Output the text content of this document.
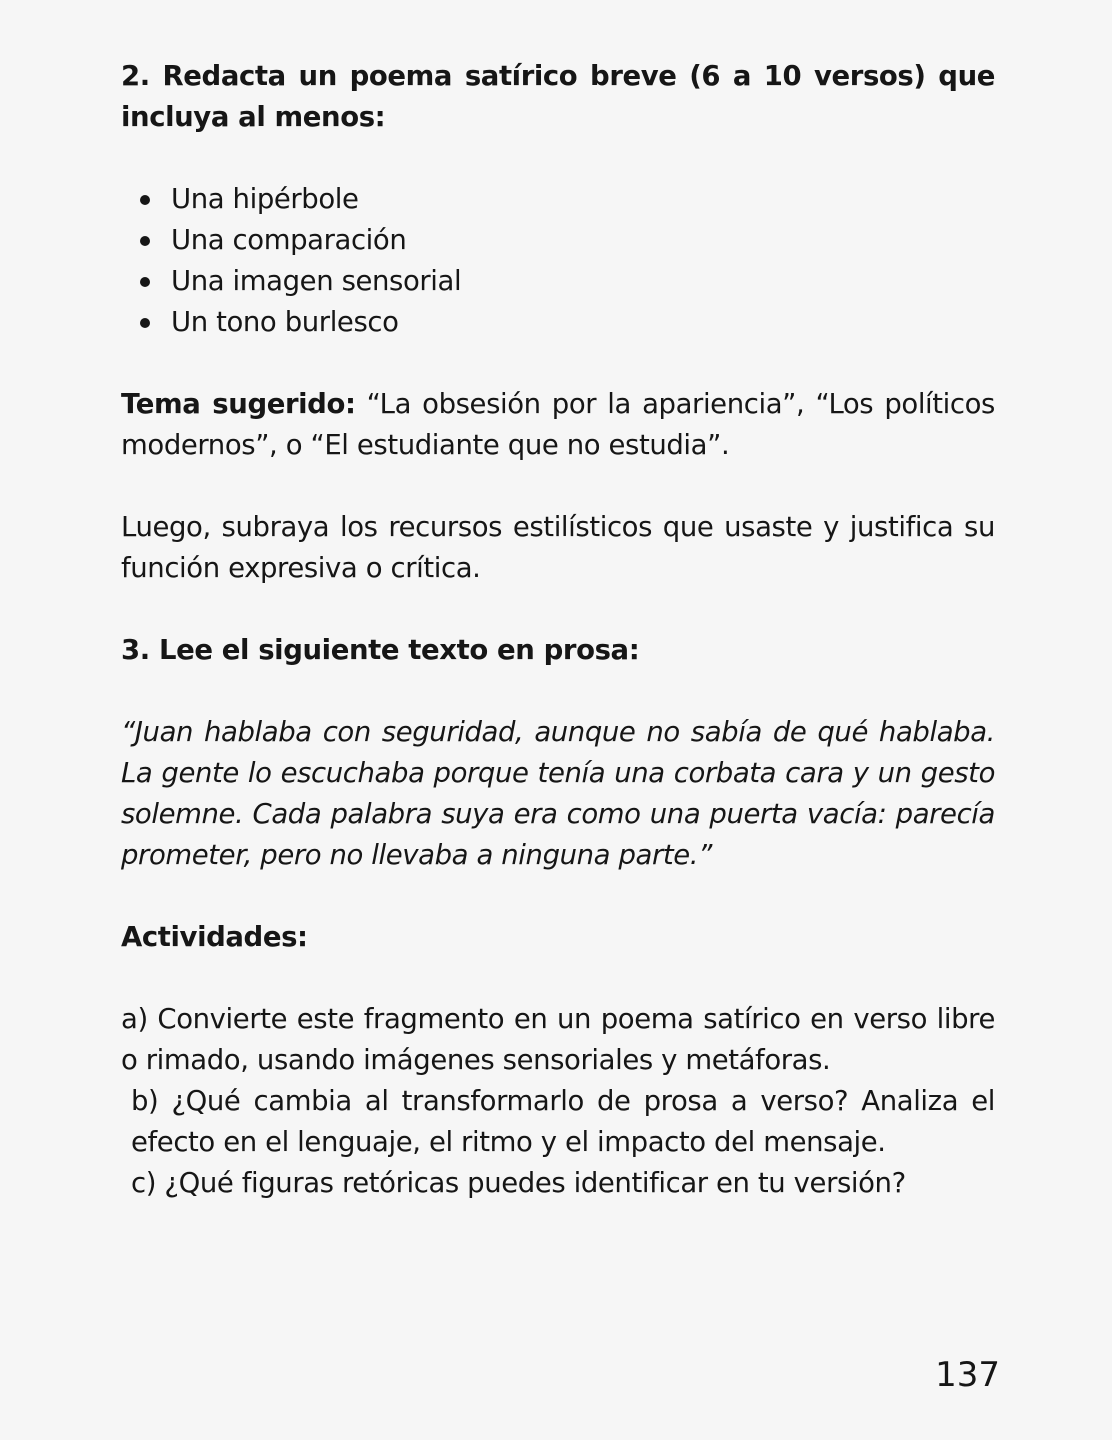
2. Redacta un poema satírico breve (6 a 10 versos) que incluya al menos:

Una hipérbole
Una comparación
Una imagen sensorial
Un tono burlesco

Tema sugerido: “La obsesión por la apariencia”, “Los políticos modernos”, o “El estudiante que no estudia”.

Luego, subraya los recursos estilísticos que usaste y justifica su función expresiva o crítica.

3. Lee el siguiente texto en prosa:

“Juan hablaba con seguridad, aunque no sabía de qué hablaba. La gente lo escuchaba porque tenía una corbata cara y un gesto solemne. Cada palabra suya era como una puerta vacía: parecía prometer, pero no llevaba a ninguna parte.”

Actividades:

a) Convierte este fragmento en un poema satírico en verso libre o rimado, usando imágenes sensoriales y metáforas.

b) ¿Qué cambia al transformarlo de prosa a verso? Analiza el efecto en el lenguaje, el ritmo y el impacto del mensaje.

c) ¿Qué figuras retóricas puedes identificar en tu versión?

137
